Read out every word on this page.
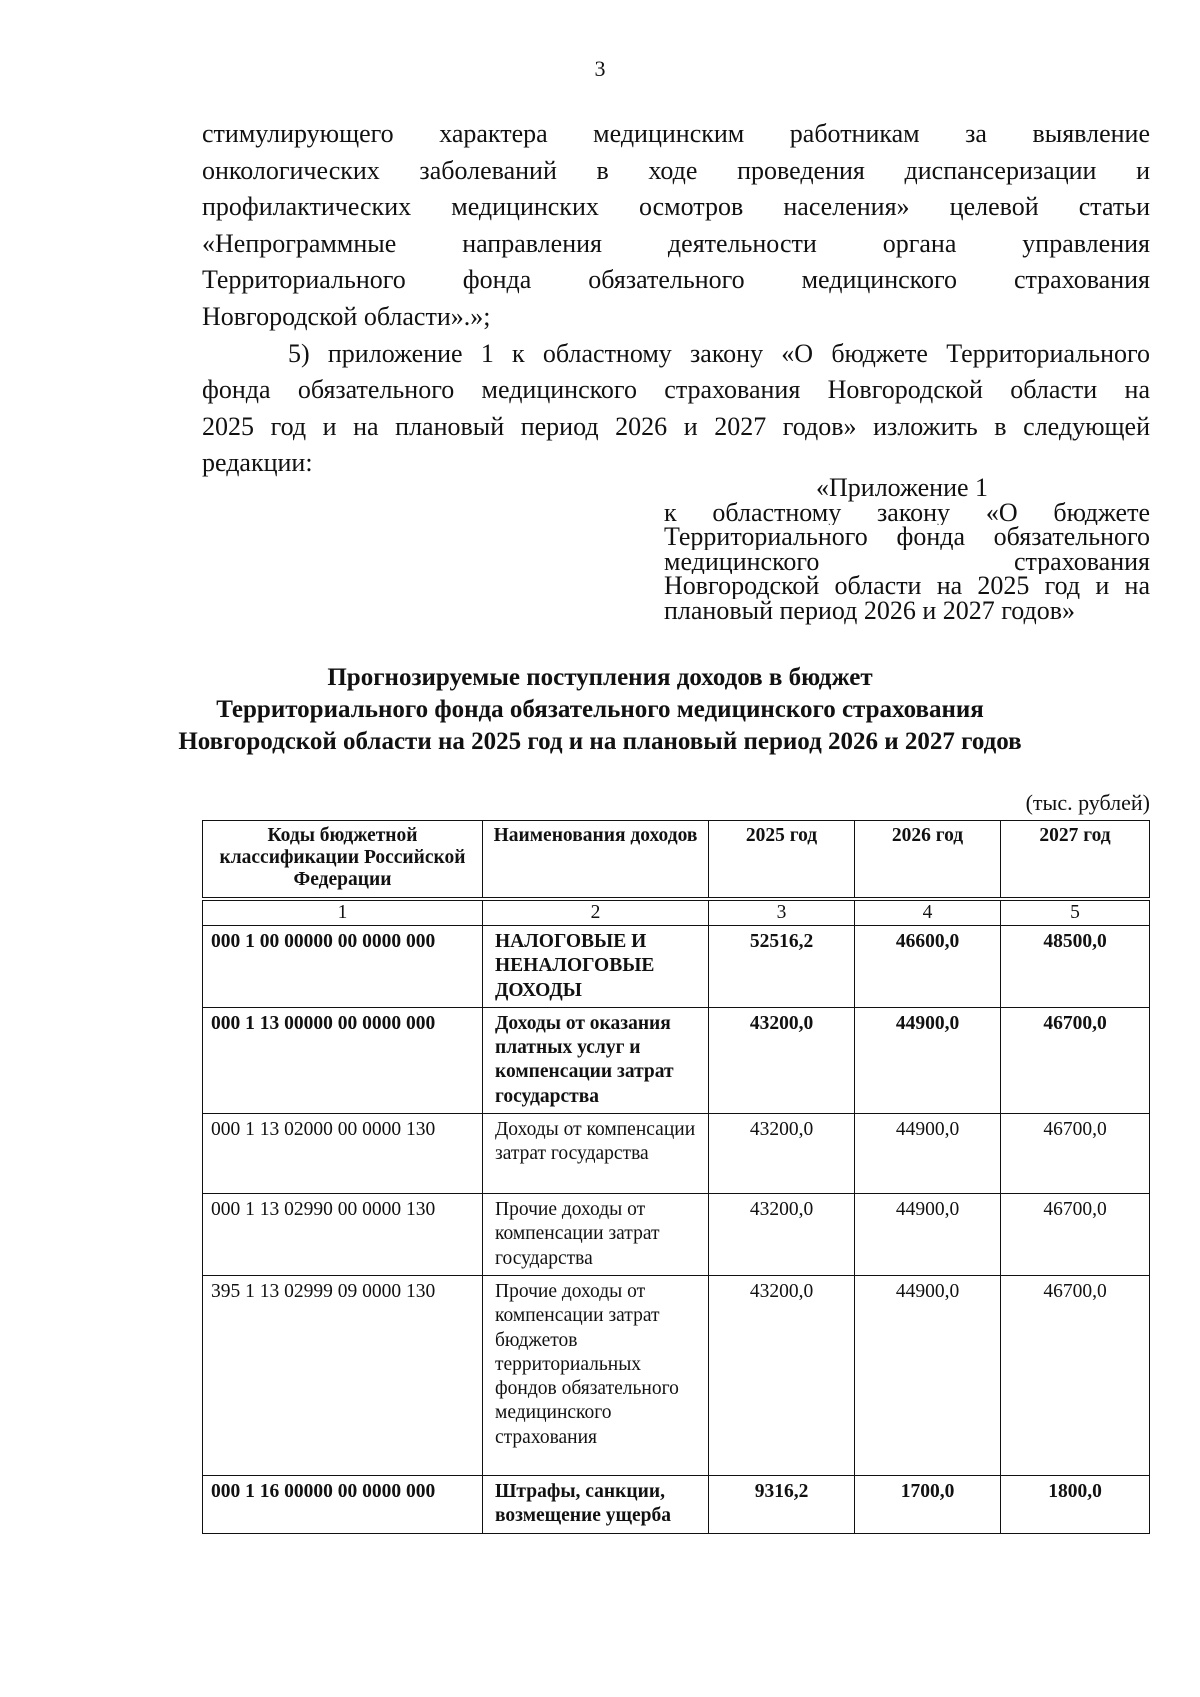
3
стимулирующего характера медицинским работникам за выявление
онкологических заболеваний в ходе проведения диспансеризации и
профилактических медицинских осмотров населения» целевой статьи
«Непрограммные направления деятельности органа управления
Территориального фонда обязательного медицинского страхования
Новгородской области».»;
5) приложение 1 к областному закону «О бюджете Территориального
фонда обязательного медицинского страхования Новгородской области на
2025 год и на плановый период 2026 и 2027 годов» изложить в следующей
редакции:
«Приложение 1
к областному закону «О бюджете
Территориального фонда обязательного
медицинского страхования
Новгородской области на 2025 год и на
плановый период 2026 и 2027 годов»
Прогнозируемые поступления доходов в бюджет
Территориального фонда обязательного медицинского страхования
Новгородской области на 2025 год и на плановый период 2026 и 2027 годов
(тыс. рублей)
Коды бюджетной классификации Российской Федерации	Наименования доходов	2025 год	2026 год	2027 год

1	2	3	4	5
000 1 00 00000 00 0000 000	НАЛОГОВЫЕ И НЕНАЛОГОВЫЕ ДОХОДЫ	52516,2	46600,0	48500,0
000 1 13 00000 00 0000 000	Доходы от оказания платных услуг и компенсации затрат государства	43200,0	44900,0	46700,0
000 1 13 02000 00 0000 130	Доходы от компенсации затрат государства	43200,0	44900,0	46700,0
000 1 13 02990 00 0000 130	Прочие доходы от компенсации затрат государства	43200,0	44900,0	46700,0
395 1 13 02999 09 0000 130	Прочие доходы от компенсации затрат бюджетов территориальных фондов обязательного медицинского страхования	43200,0	44900,0	46700,0
000 1 16 00000 00 0000 000	Штрафы, санкции, возмещение ущерба	9316,2	1700,0	1800,0
